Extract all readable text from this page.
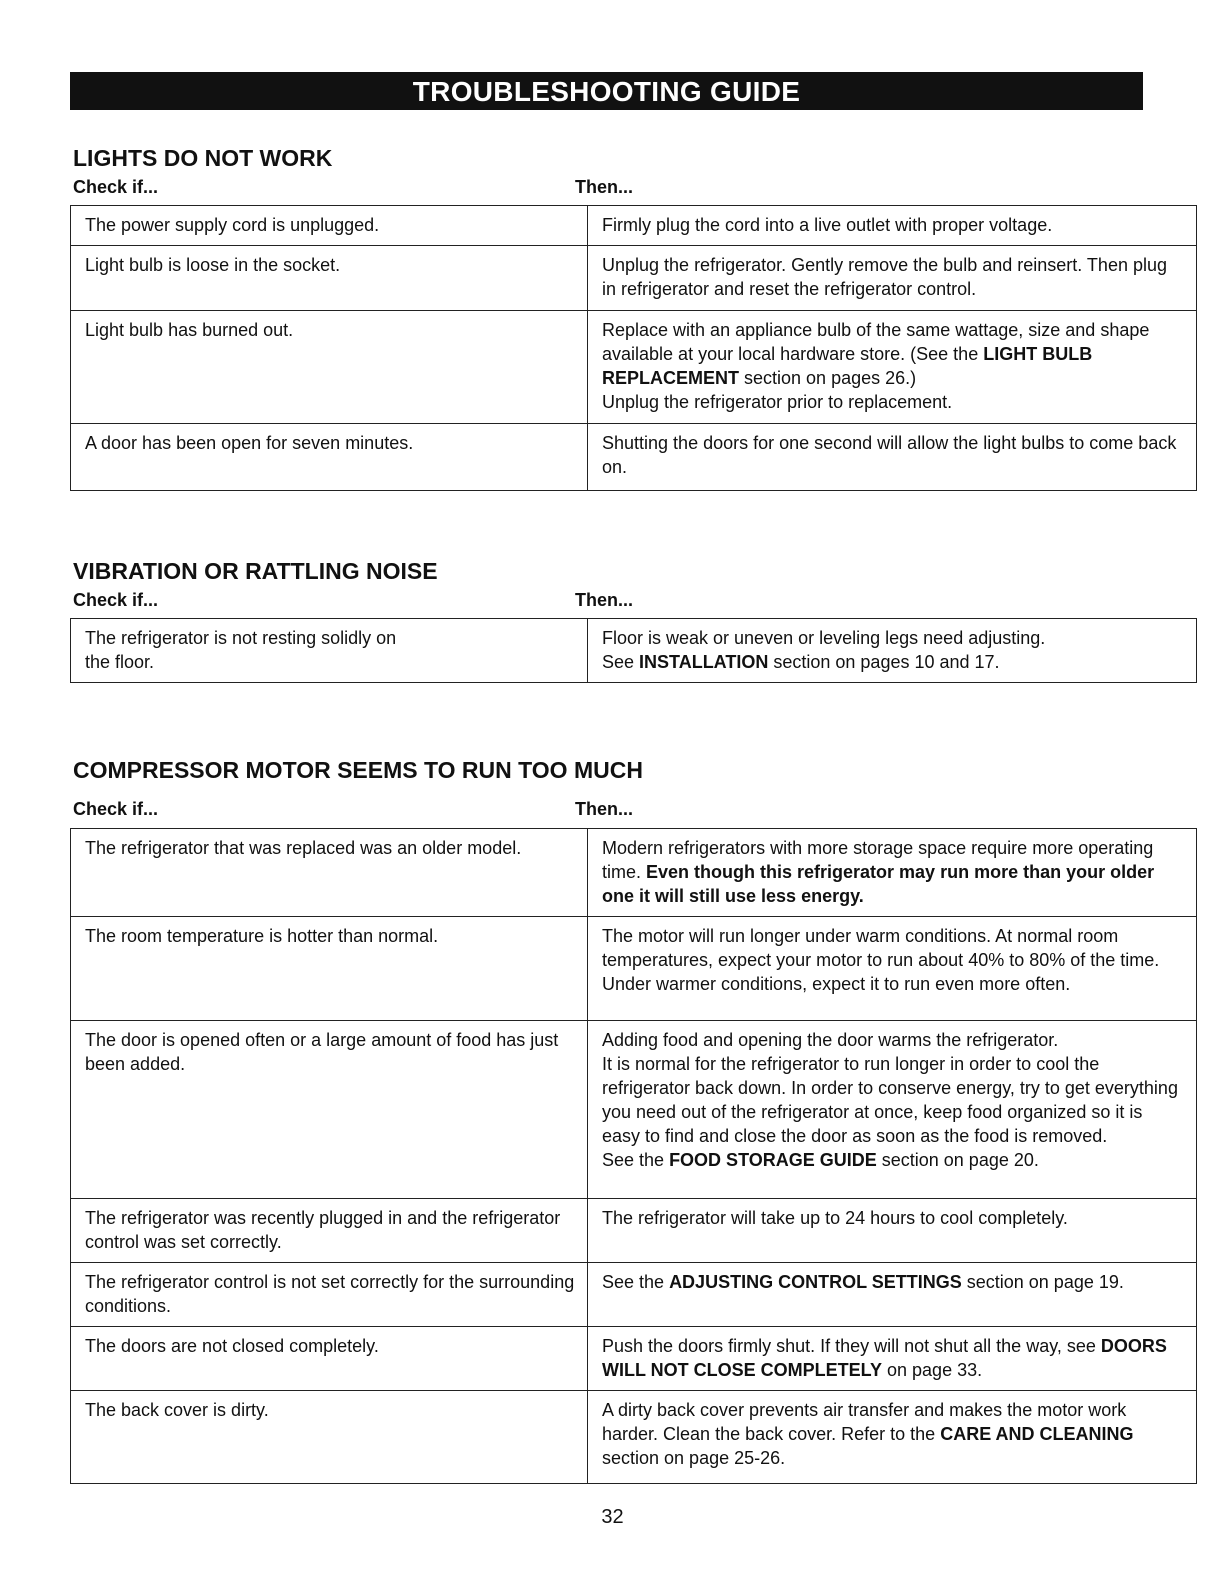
TROUBLESHOOTING GUIDE
LIGHTS DO NOT WORK
Check if...	Then...
The power supply cord is unplugged.	Firmly plug the cord into a live outlet with proper voltage.
Light bulb is loose in the socket.	Unplug the refrigerator. Gently remove the bulb and reinsert. Then plug in refrigerator and reset the refrigerator control.
Light bulb has burned out.	Replace with an appliance bulb of the same wattage, size and shape available at your local hardware store. (See the LIGHT BULB REPLACEMENT section on pages 26.)
Unplug the refrigerator prior to replacement.
A door has been open for seven minutes.	Shutting the doors for one second will allow the light bulbs to come back on.
VIBRATION OR RATTLING NOISE
Check if...	Then...
The refrigerator is not resting solidly on
the floor.	Floor is weak or uneven or leveling legs need adjusting.
See INSTALLATION section on pages 10 and 17.
COMPRESSOR MOTOR SEEMS TO RUN TOO MUCH
Check if...	Then...
The refrigerator that was replaced was an older model.	Modern refrigerators with more storage space require more operating time. Even though this refrigerator may run more than your older one it will still use less energy.
The room temperature is hotter than normal.	The motor will run longer under warm conditions. At normal room temperatures, expect your motor to run about 40% to 80% of the time. Under warmer conditions, expect it to run even more often.
The door is opened often or a large amount of food has just been added.	Adding food and opening the door warms the refrigerator.
It is normal for the refrigerator to run longer in order to cool the refrigerator back down. In order to conserve energy, try to get everything you need out of the refrigerator at once, keep food organized so it is easy to find and close the door as soon as the food is removed.
See the FOOD STORAGE GUIDE section on page 20.
The refrigerator was recently plugged in and the refrigerator control was set correctly.	The refrigerator will take up to 24 hours to cool completely.
The refrigerator control is not set correctly for the surrounding conditions.	See the ADJUSTING CONTROL SETTINGS section on page 19.
The doors are not closed completely.	Push the doors firmly shut. If they will not shut all the way, see DOORS WILL NOT CLOSE COMPLETELY on page 33.
The back cover is dirty.	A dirty back cover prevents air transfer and makes the motor work harder. Clean the back cover. Refer to the CARE AND CLEANING section on page 25-26.
32
